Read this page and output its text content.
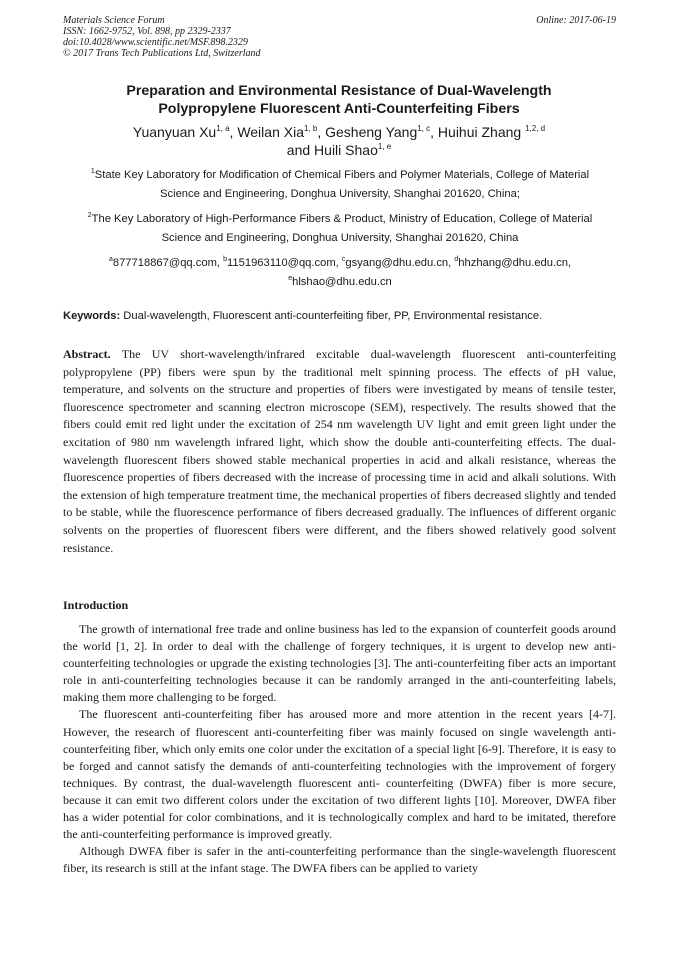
Materials Science Forum
ISSN: 1662-9752, Vol. 898, pp 2329-2337
doi:10.4028/www.scientific.net/MSF.898.2329
© 2017 Trans Tech Publications Ltd, Switzerland
Online: 2017-06-19
Preparation and Environmental Resistance of Dual-Wavelength
Polypropylene Fluorescent Anti-Counterfeiting Fibers
Yuanyuan Xu$^{1, a}$, Weilan Xia$^{1, b}$, Gesheng Yang$^{1, c}$, Huihui Zhang $^{1,2, d}$
and Huili Shao$^{1, e}$
$^1$State Key Laboratory for Modification of Chemical Fibers and Polymer Materials, College of Material Science and Engineering, Donghua University, Shanghai 201620, China;
$^2$The Key Laboratory of High-Performance Fibers & Product, Ministry of Education, College of Material Science and Engineering, Donghua University, Shanghai 201620, China
$^a$877718867@qq.com, $^b$1151963110@qq.com, $^c$gsyang@dhu.edu.cn, $^d$hhzhang@dhu.edu.cn,
$^e$hlshao@dhu.edu.cn
Keywords: Dual-wavelength, Fluorescent anti-counterfeiting fiber, PP, Environmental resistance.
Abstract. The UV short-wavelength/infrared excitable dual-wavelength fluorescent anti-counterfeiting polypropylene (PP) fibers were spun by the traditional melt spinning process. The effects of pH value, temperature, and solvents on the structure and properties of fibers were investigated by means of tensile tester, fluorescence spectrometer and scanning electron microscope (SEM), respectively. The results showed that the fibers could emit red light under the excitation of 254 nm wavelength UV light and emit green light under the excitation of 980 nm wavelength infrared light, which show the double anti-counterfeiting effects. The dual-wavelength fluorescent fibers showed stable mechanical properties in acid and alkali resistance, whereas the fluorescence properties of fibers decreased with the increase of processing time in acid and alkali solutions. With the extension of high temperature treatment time, the mechanical properties of fibers decreased slightly and tended to be stable, while the fluorescence performance of fibers decreased gradually. The influences of different organic solvents on the properties of fluorescent fibers were different, and the fibers showed relatively good solvent resistance.
Introduction

The growth of international free trade and online business has led to the expansion of counterfeit goods around the world [1, 2]. In order to deal with the challenge of forgery techniques, it is urgent to develop new anti-counterfeiting technologies or upgrade the existing technologies [3]. The anti-counterfeiting fiber acts an important role in anti-counterfeiting technologies because it can be randomly arranged in the anti-counterfeiting labels, making them more challenging to be forged.

The fluorescent anti-counterfeiting fiber has aroused more and more attention in the recent years [4-7]. However, the research of fluorescent anti-counterfeiting fiber was mainly focused on single wavelength anti-counterfeiting fiber, which only emits one color under the excitation of a special light [6-9]. Therefore, it is easy to be forged and cannot satisfy the demands of anti-counterfeiting technologies with the improvement of forgery techniques. By contrast, the dual-wavelength fluorescent anti- counterfeiting (DWFA) fiber is more secure, because it can emit two different colors under the excitation of two different lights [10]. Moreover, DWFA fiber has a wider potential for color combinations, and it is technologically complex and hard to be imitated, therefore the anti-counterfeiting performance is improved greatly.

Although DWFA fiber is safer in the anti-counterfeiting performance than the single-wavelength fluorescent fiber, its research is still at the infant stage. The DWFA fibers can be applied to variety
